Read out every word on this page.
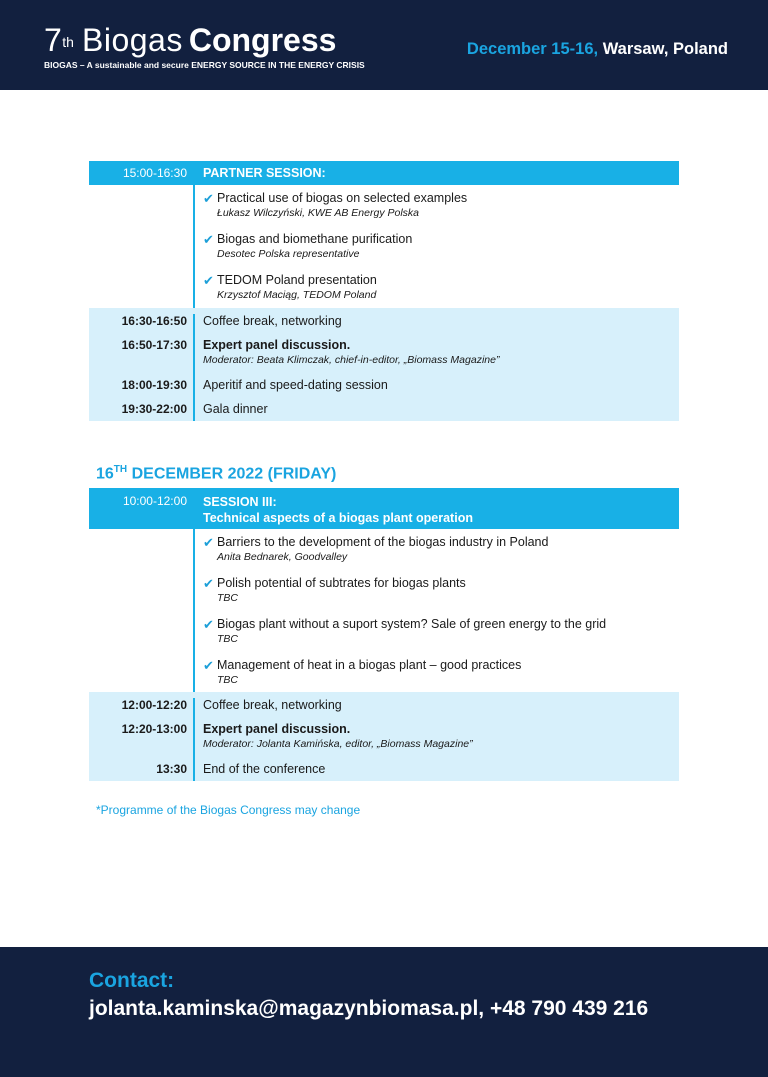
7th Biogas Congress
BIOGAS – A sustainable and secure ENERGY SOURCE IN THE ENERGY CRISIS
December 15-16, Warsaw, Poland
15:00-16:30	PARTNER SESSION:
✔ Practical use of biogas on selected examples
Łukasz Wilczyński, KWE AB Energy Polska
✔ Biogas and biomethane purification
Desotec Polska representative
✔ TEDOM Poland presentation
Krzysztof Maciąg, TEDOM Poland
16:30-16:50	Coffee break, networking
16:50-17:30	Expert panel discussion.
Moderator: Beata Klimczak, chief-in-editor, „Biomass Magazine”
18:00-19:30	Aperitif and speed-dating session
19:30-22:00	Gala dinner
16TH DECEMBER 2022 (FRIDAY)
10:00-12:00	SESSION III:
Technical aspects of a biogas plant operation
✔ Barriers to the development of the biogas industry in Poland
Anita Bednarek, Goodvalley
✔ Polish potential of subtrates for biogas plants
TBC
✔ Biogas plant without a suport system? Sale of green energy to the grid
TBC
✔ Management of heat in a biogas plant – good practices
TBC
12:00-12:20	Coffee break, networking
12:20-13:00	Expert panel discussion.
Moderator: Jolanta Kamińska, editor, „Biomass Magazine”
13:30	End of the conference
*Programme of the Biogas Congress may change
Contact:
jolanta.kaminska@magazynbiomasa.pl, +48 790 439 216
